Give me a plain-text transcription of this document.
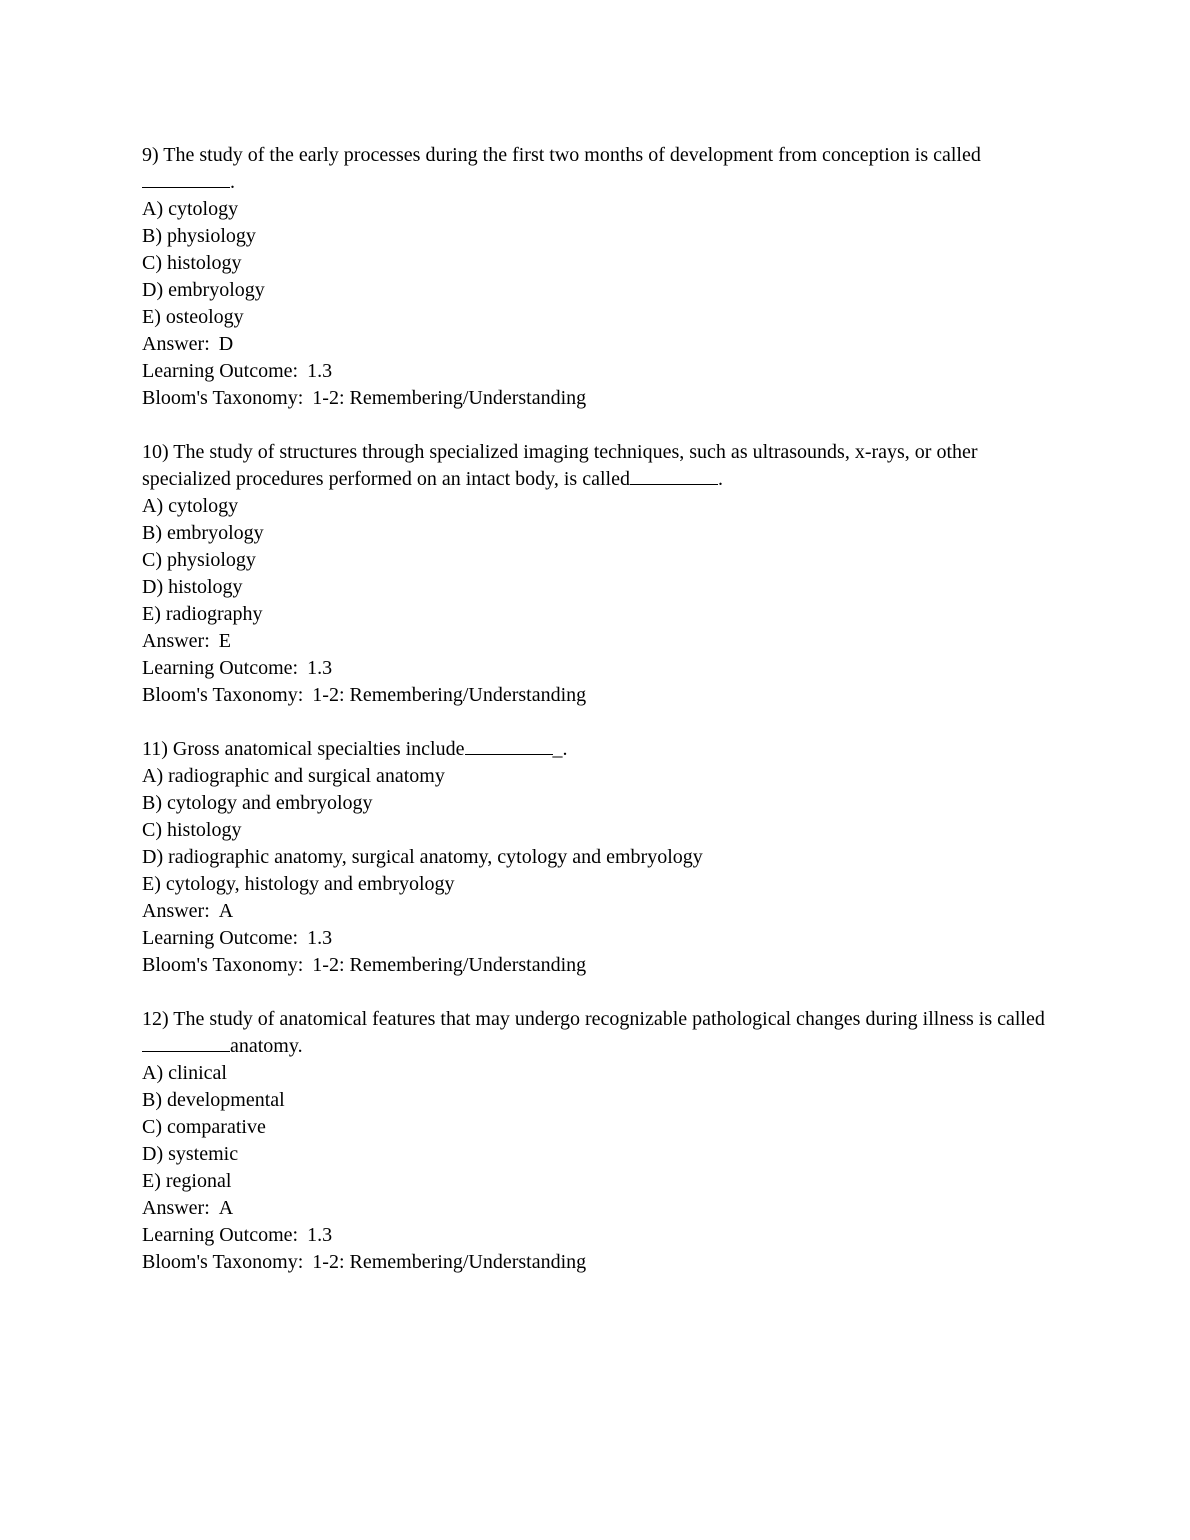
9) The study of the early processes during the first two months of development from conception is called.

A) cytology
B) physiology
C) histology
D) embryology
E) osteology
Answer: D
Learning Outcome: 1.3
Bloom's Taxonomy: 1-2: Remembering/Understanding

10) The study of structures through specialized imaging techniques, such as ultrasounds, x-rays, or other specialized procedures performed on an intact body, is called	.

A) cytology
B) embryology
C) physiology
D) histology
E) radiography
Answer: E
Learning Outcome: 1.3
Bloom's Taxonomy: 1-2: Remembering/Understanding

11) Gross anatomical specialties include	_.

A) radiographic and surgical anatomy
B) cytology and embryology
C) histology
D) radiographic anatomy, surgical anatomy, cytology and embryology
E) cytology, histology and embryology
Answer: A
Learning Outcome: 1.3
Bloom's Taxonomy: 1-2: Remembering/Understanding

12) The study of anatomical features that may undergo recognizable pathological changes during illness is calledanatomy.

A) clinical
B) developmental
C) comparative
D) systemic
E) regional
Answer: A
Learning Outcome: 1.3
Bloom's Taxonomy: 1-2: Remembering/Understanding
